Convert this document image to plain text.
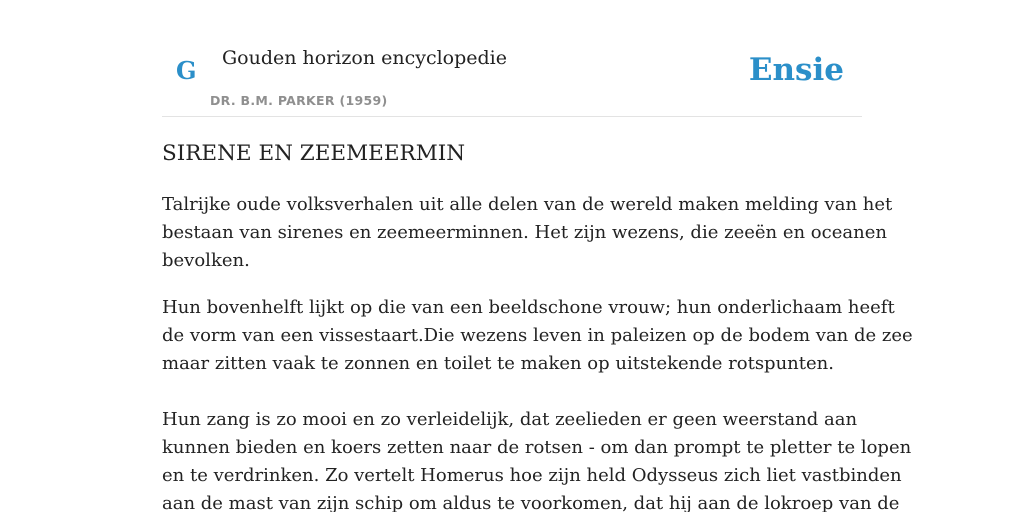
G Gouden horizon encyclopedie
DR. B.M. PARKER (1959)
Ensie
SIRENE EN ZEEMEERMIN

Talrijke oude volksverhalen uit alle delen van de wereld maken melding van het
bestaan van sirenes en zeemeerminnen. Het zijn wezens, die zeeën en oceanen
bevolken.

Hun bovenhelft lijkt op die van een beeldschone vrouw; hun onderlichaam heeft
de vorm van een vissestaart.Die wezens leven in paleizen op de bodem van de zee
maar zitten vaak te zonnen en toilet te maken op uitstekende rotspunten.

Hun zang is zo mooi en zo verleidelijk, dat zeelieden er geen weerstand aan
kunnen bieden en koers zetten naar de rotsen - om dan prompt te pletter te lopen
en te verdrinken. Zo vertelt Homerus hoe zijn held Odysseus zich liet vastbinden
aan de mast van zijn schip om aldus te voorkomen, dat hij aan de lokroep van de
